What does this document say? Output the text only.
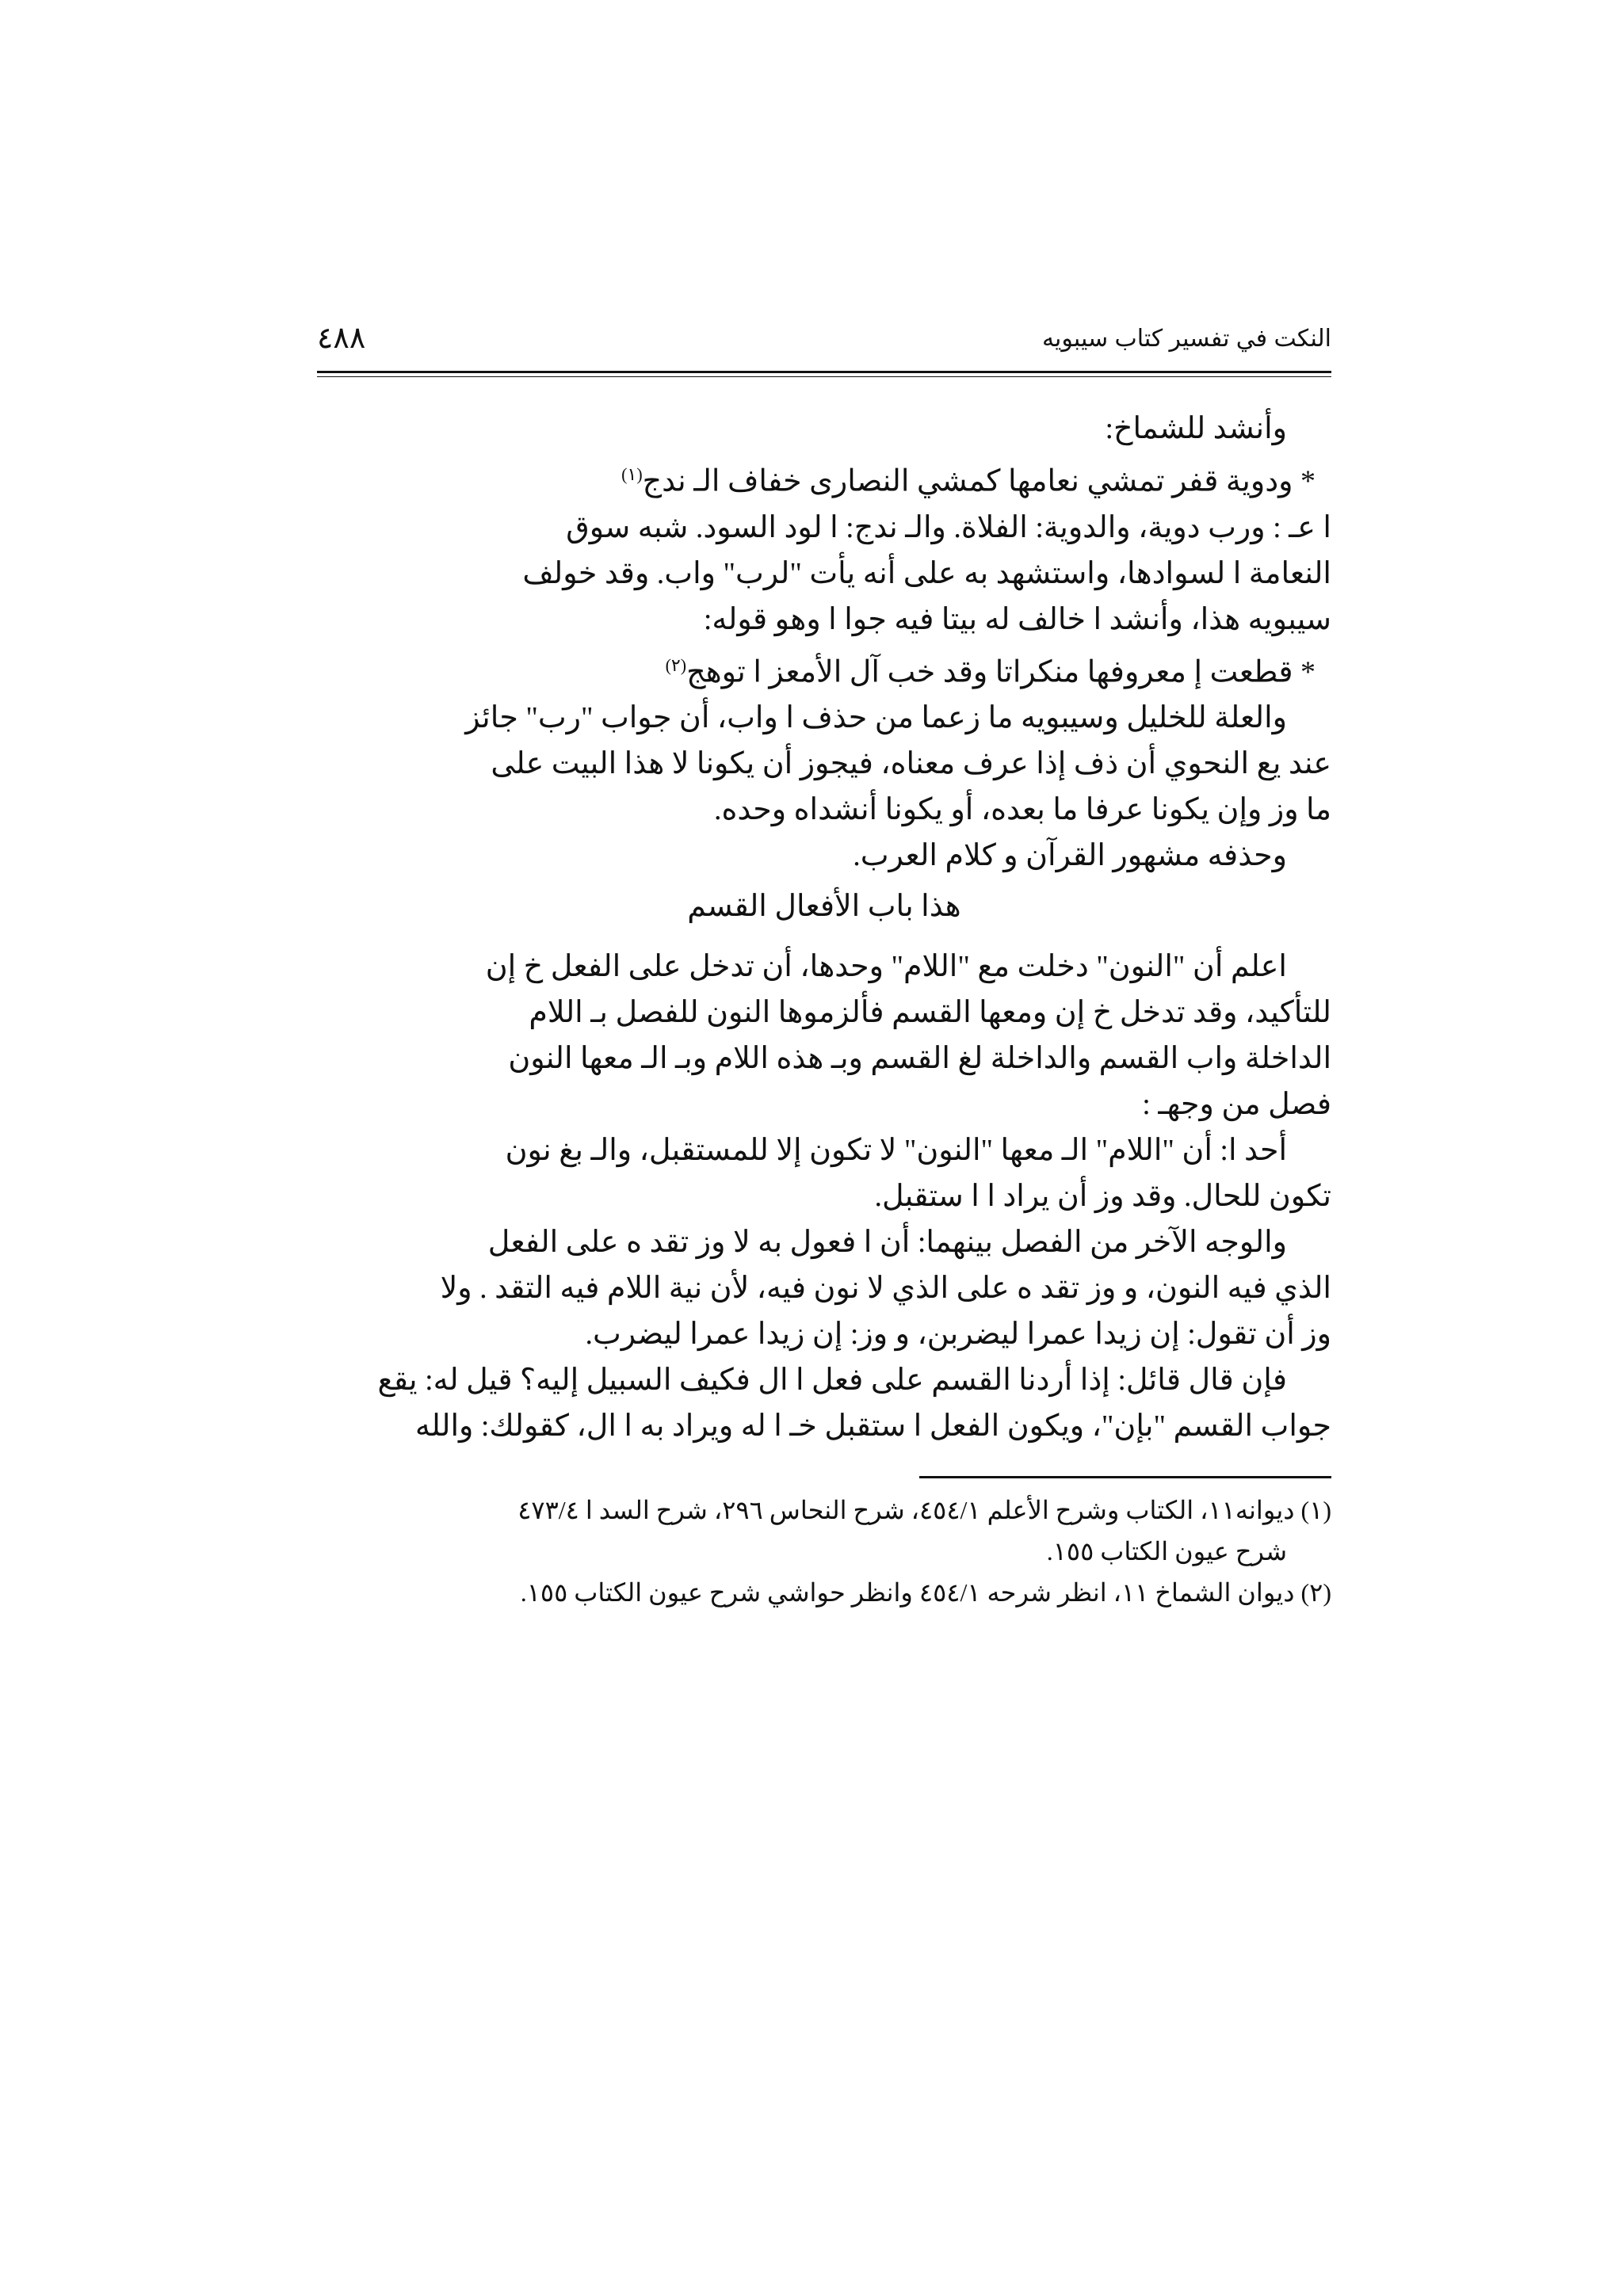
النكت في تفسير كتاب سيبويه
٤٨٨
وأنشد للشماخ:
* ودوية قفر تمشي نعامها كمشي النصارى خفاف الـ ندج$^{(١)}$
ا عـ : ورب دوية، والدوية: الفلاة. والـ ندج: ا لود السود. شبه سوق
النعامة ا لسوادها، واستشهد به على أنه يأت "لرب" واب. وقد خولف
سيبويه هذا، وأنشد ا خالف له بيتا فيه جوا ا وهو قوله:
* قطعت إ معروفها منكراتا وقد خب آل الأمعز ا توهج$^{(٢)}$
والعلة للخليل وسيبويه ما زعما من حذف ا واب، أن جواب "رب" جائز
عند يع النحوي أن ذف إذا عرف معناه، فيجوز أن يكونا لا هذا البيت على
ما وز وإن يكونا عرفا ما بعده، أو يكونا أنشداه وحده.
وحذفه مشهور القرآن و كلام العرب.
هذا باب الأفعال القسم
اعلم أن "النون" دخلت مع "اللام" وحدها، أن تدخل على الفعل خ إن
للتأكيد، وقد تدخل خ إن ومعها القسم فألزموها النون للفصل بـ اللام
الداخلة واب القسم والداخلة لغ القسم وبـ هذه اللام وبـ الـ معها النون
فصل من وجهـ :
أحد ا: أن "اللام" الـ معها "النون" لا تكون إلا للمستقبل، والـ بغ نون
تكون للحال. وقد وز أن يراد ا ا ستقبل.
والوجه الآخر من الفصل بينهما: أن ا فعول به لا وز تقد ه على الفعل
الذي فيه النون، و وز تقد ه على الذي لا نون فيه، لأن نية اللام فيه التقد . ولا
وز أن تقول: إن زيدا عمرا ليضربن، و وز: إن زيدا عمرا ليضرب.
فإن قال قائل: إذا أردنا القسم على فعل ا ال فكيف السبيل إليه؟ قيل له: يقع
جواب القسم "بإن"، ويكون الفعل ا ستقبل خـ ا له ويراد به ا ال، كقولك: والله
(١) ديوانه١١، الكتاب وشرح الأعلم ٤٥٤/١، شرح النحاس ٢٩٦، شرح السد ا ٤٧٣/٤
شرح عيون الكتاب ١٥٥.
(٢) ديوان الشماخ ١١، انظر شرحه ٤٥٤/١ وانظر حواشي شرح عيون الكتاب ١٥٥.
